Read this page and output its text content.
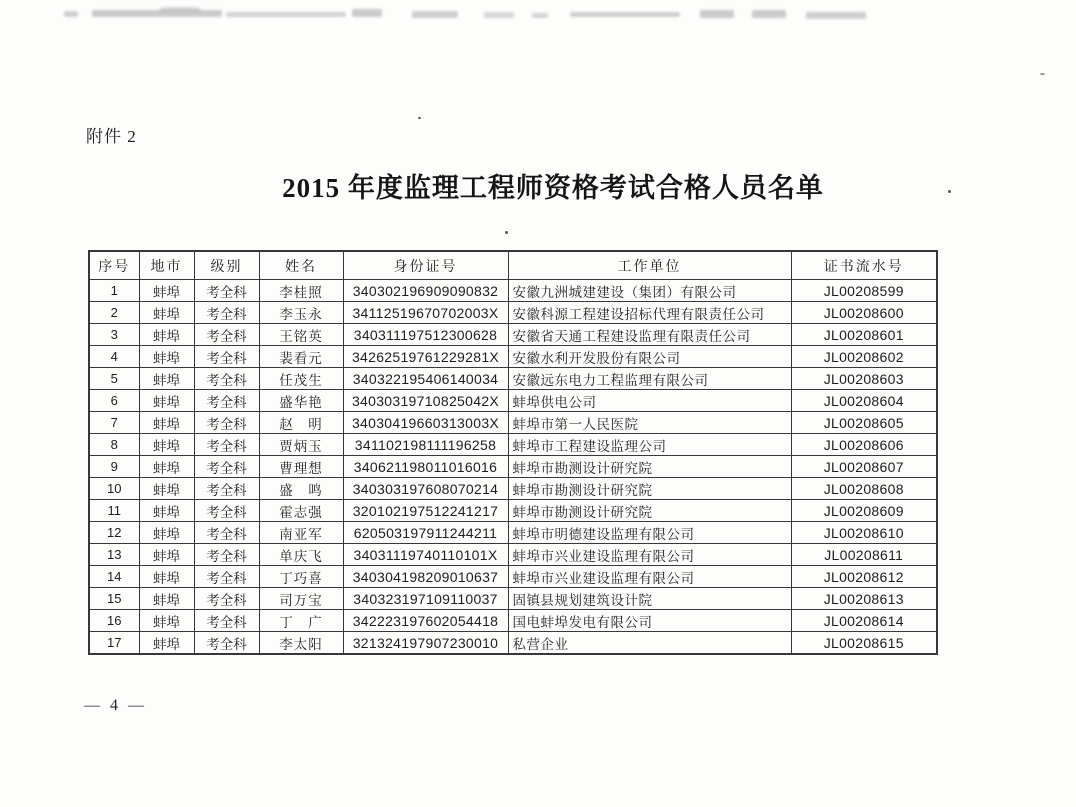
附件 2
2015 年度监理工程师资格考试合格人员名单
序号	地市	级别	姓名	身份证号	工作单位	证书流水号
1	蚌埠	考全科	李桂照	340302196909090832	安徽九洲城建建设（集团）有限公司	JL00208599
2	蚌埠	考全科	李玉永	34112519670702003X	安徽科源工程建设招标代理有限责任公司	JL00208600
3	蚌埠	考全科	王铭英	340311197512300628	安徽省天通工程建设监理有限责任公司	JL00208601
4	蚌埠	考全科	裴看元	34262519761229281X	安徽水利开发股份有限公司	JL00208602
5	蚌埠	考全科	任茂生	340322195406140034	安徽远东电力工程监理有限公司	JL00208603
6	蚌埠	考全科	盛华艳	34030319710825042X	蚌埠供电公司	JL00208604
7	蚌埠	考全科	赵　明	34030419660313003X	蚌埠市第一人民医院	JL00208605
8	蚌埠	考全科	贾炳玉	341102198111196258	蚌埠市工程建设监理公司	JL00208606
9	蚌埠	考全科	曹理想	340621198011016016	蚌埠市勘测设计研究院	JL00208607
10	蚌埠	考全科	盛　鸣	340303197608070214	蚌埠市勘测设计研究院	JL00208608
11	蚌埠	考全科	霍志强	320102197512241217	蚌埠市勘测设计研究院	JL00208609
12	蚌埠	考全科	南亚军	620503197911244211	蚌埠市明德建设监理有限公司	JL00208610
13	蚌埠	考全科	单庆飞	34031119740110101X	蚌埠市兴业建设监理有限公司	JL00208611
14	蚌埠	考全科	丁巧喜	340304198209010637	蚌埠市兴业建设监理有限公司	JL00208612
15	蚌埠	考全科	司万宝	340323197109110037	固镇县规划建筑设计院	JL00208613
16	蚌埠	考全科	丁　广	342223197602054418	国电蚌埠发电有限公司	JL00208614
17	蚌埠	考全科	李太阳	321324197907230010	私营企业	JL00208615
— 4 —
